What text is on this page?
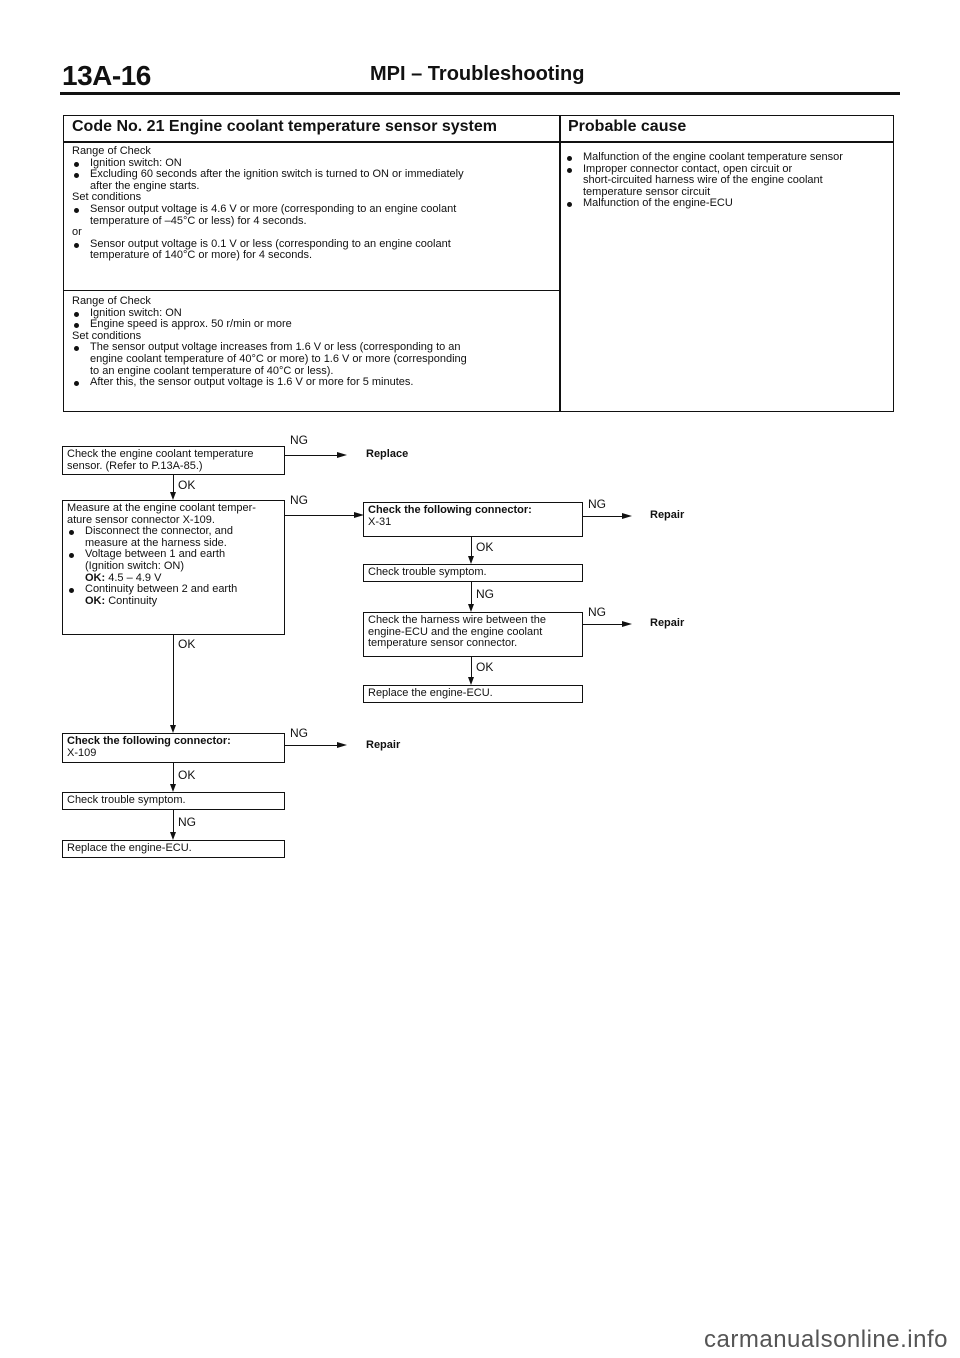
13A-16	MPI – Troubleshooting
Code No. 21 Engine coolant temperature sensor system	Probable cause
Range of Check
Ignition switch: ON
Excluding 60 seconds after the ignition switch is turned to ON or immediately
after the engine starts.
Set conditions
Sensor output voltage is 4.6 V or more (corresponding to an engine coolant
temperature of –45°C or less) for 4 seconds.
or
Sensor output voltage is 0.1 V or less (corresponding to an engine coolant
temperature of 140°C or more) for 4 seconds.
Range of Check
Ignition switch: ON
Engine speed is approx. 50 r/min or more
Set conditions
The sensor output voltage increases from 1.6 V or less (corresponding to an
engine coolant temperature of 40°C or more) to 1.6 V or more (corresponding
to an engine coolant temperature of 40°C or less).
After this, the sensor output voltage is 1.6 V or more for 5 minutes.
Malfunction of the engine coolant temperature sensor
Improper connector contact, open circuit or
short-circuited harness wire of the engine coolant
temperature sensor circuit
Malfunction of the engine-ECU
Check the engine coolant temperature
sensor. (Refer to P.13A-85.)
Measure at the engine coolant temper-
ature sensor connector X-109.
Disconnect the connector, and
measure at the harness side.
Voltage between 1 and earth
(Ignition switch: ON)
OK: 4.5 – 4.9 V
Continuity between 2 and earth
OK: Continuity
Check the following connector:
X-109
Check trouble symptom.
Replace the engine-ECU.
OK
OK
OK
NG
NG
Replace
NG
NG
Repair
Check the following connector:
X-31
Check trouble symptom.
Check the harness wire between the
engine-ECU and the engine coolant
temperature sensor connector.
Replace the engine-ECU.
OK
NG
OK
NG
Repair
NG
Repair
carmanualsonline.info
